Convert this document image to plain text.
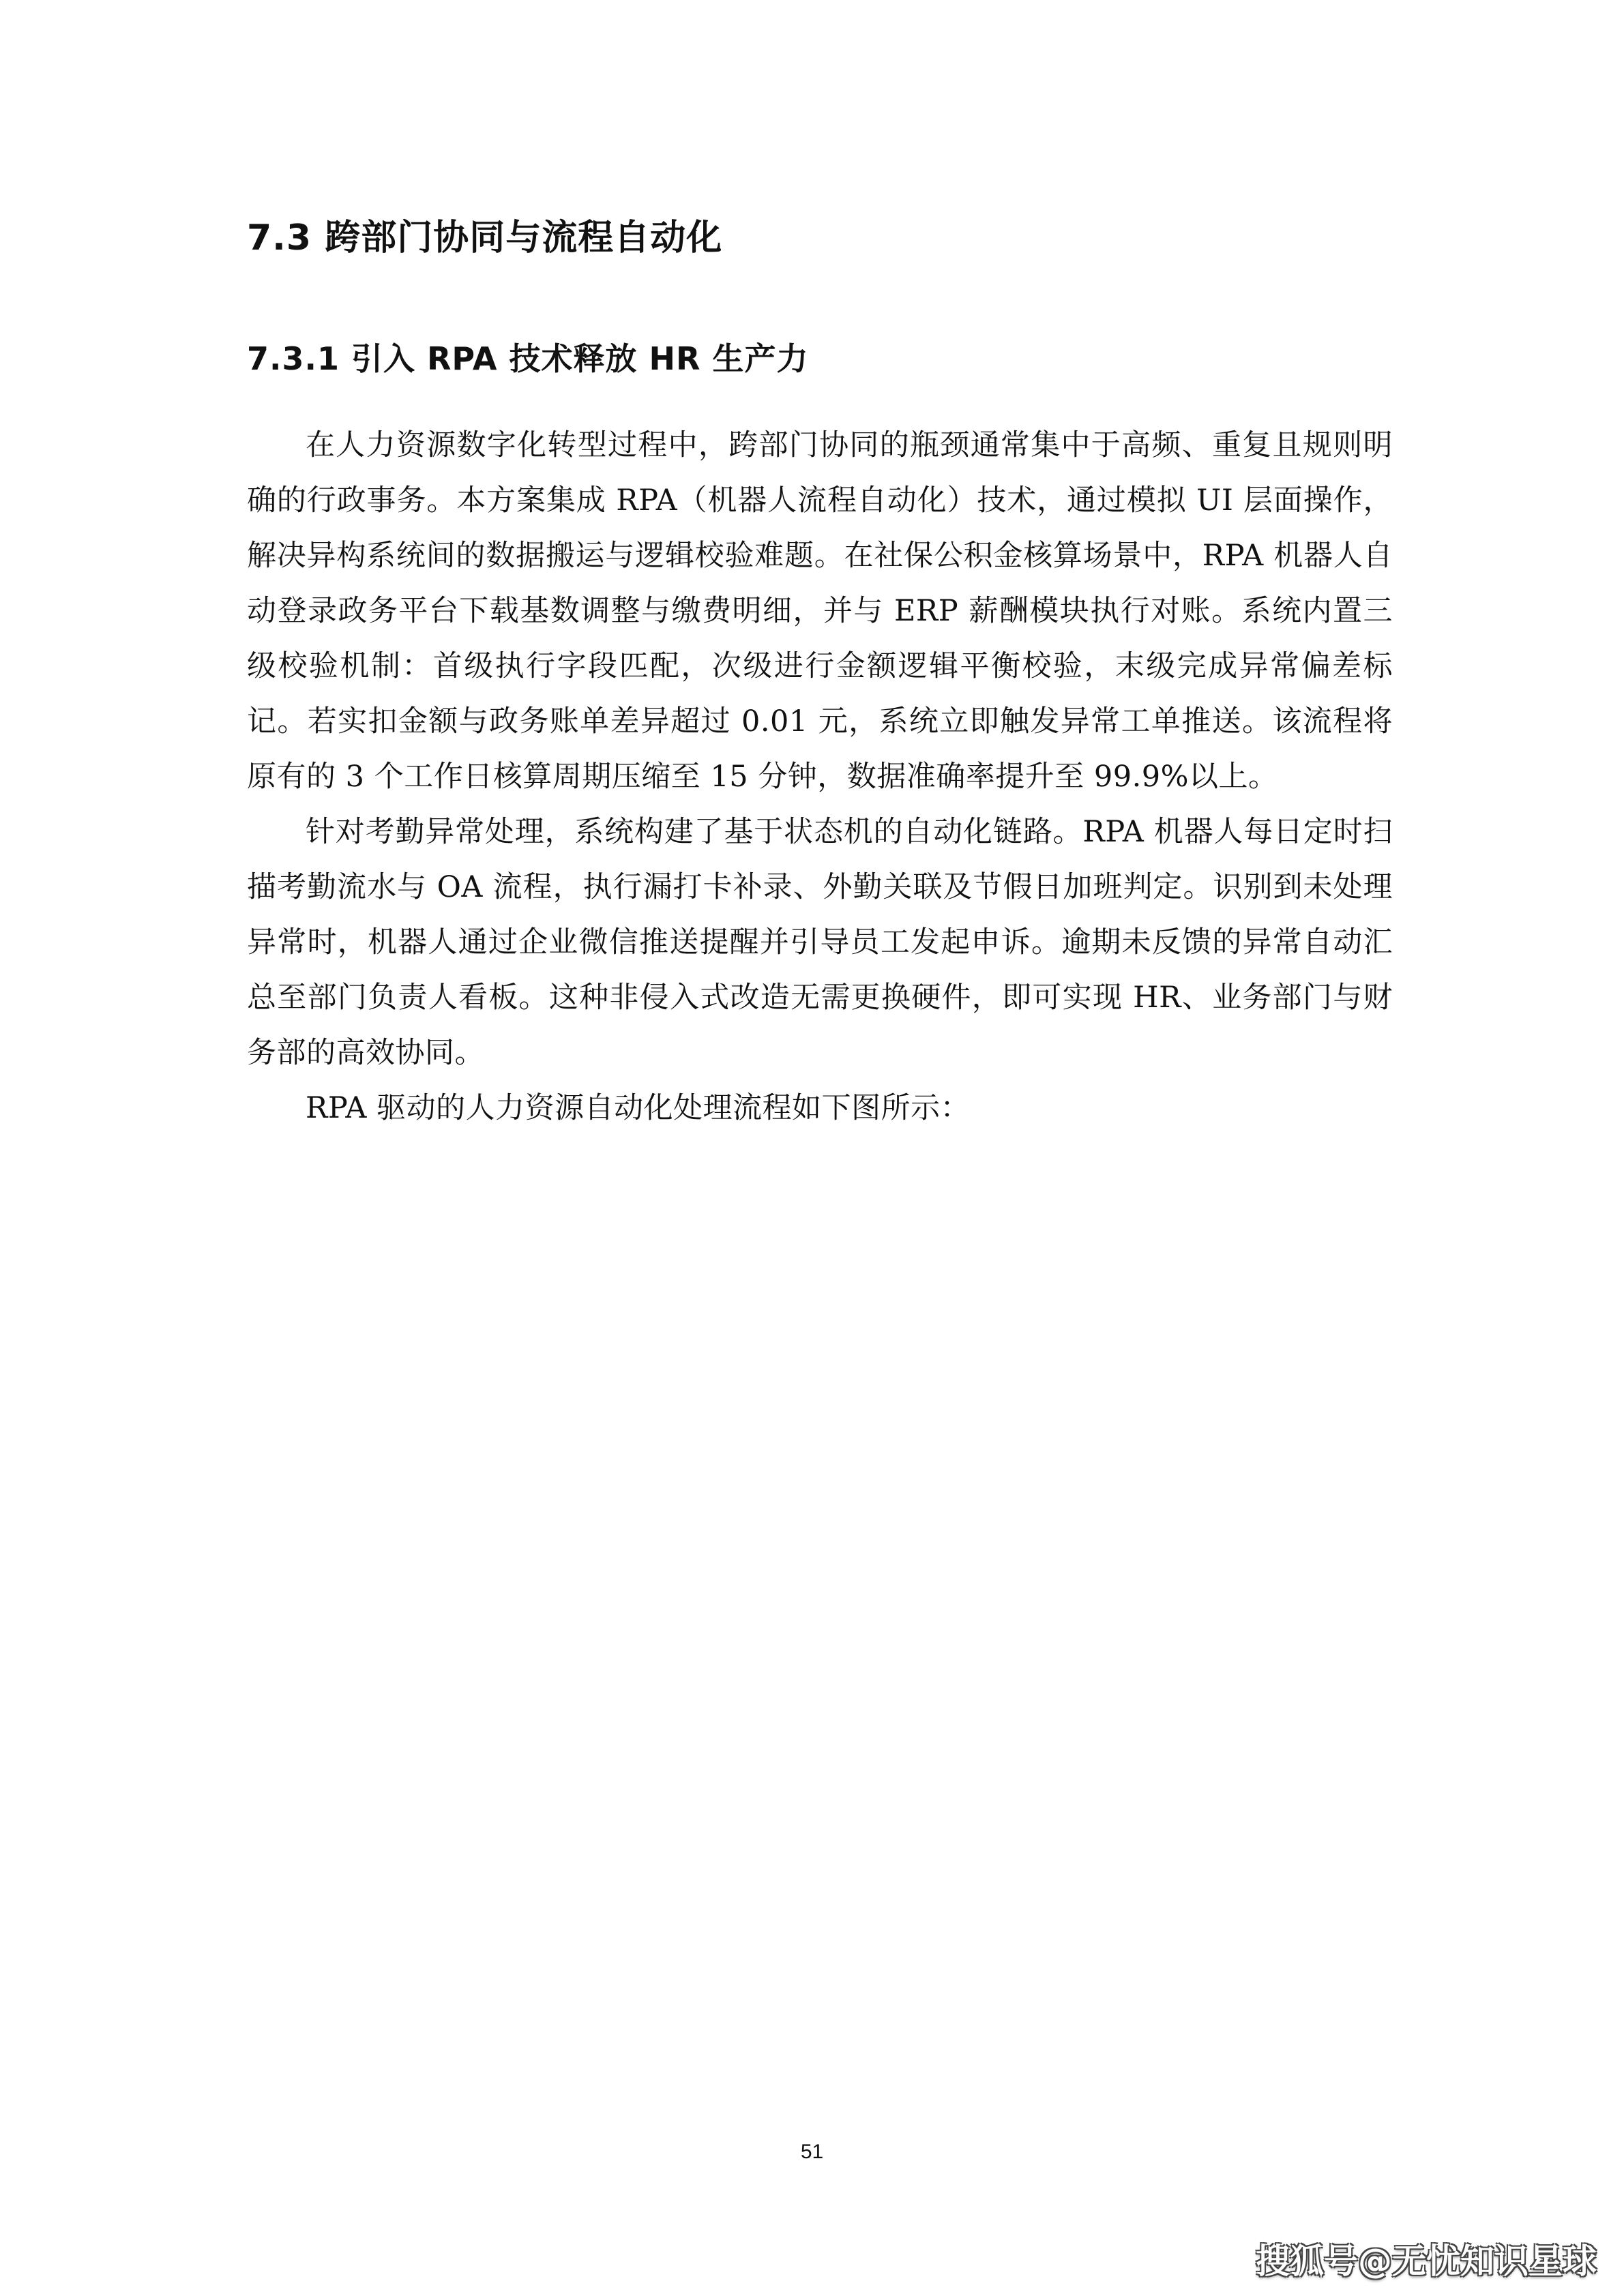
7.3 跨部门协同与流程自动化
7.3.1 引入 RPA 技术释放 HR 生产力

在人力资源数字化转型过程中，跨部门协同的瓶颈通常集中于高频、重复且规则明确的行政事务。本方案集成 RPA（机器人流程自动化）技术，通过模拟 UI 层面操作，解决异构系统间的数据搬运与逻辑校验难题。在社保公积金核算场景中，RPA 机器人自动登录政务平台下载基数调整与缴费明细，并与 ERP 薪酬模块执行对账。系统内置三级校验机制：首级执行字段匹配，次级进行金额逻辑平衡校验，末级完成异常偏差标记。若实扣金额与政务账单差异超过 0.01 元，系统立即触发异常工单推送。该流程将原有的 3 个工作日核算周期压缩至 15 分钟，数据准确率提升至 99.9%以上。

针对考勤异常处理，系统构建了基于状态机的自动化链路。RPA 机器人每日定时扫描考勤流水与 OA 流程，执行漏打卡补录、外勤关联及节假日加班判定。识别到未处理异常时，机器人通过企业微信推送提醒并引导员工发起申诉。逾期未反馈的异常自动汇总至部门负责人看板。这种非侵入式改造无需更换硬件，即可实现 HR、业务部门与财务部的高效协同。

RPA 驱动的人力资源自动化处理流程如下图所示：

51
搜狐号@无忧知识星球
